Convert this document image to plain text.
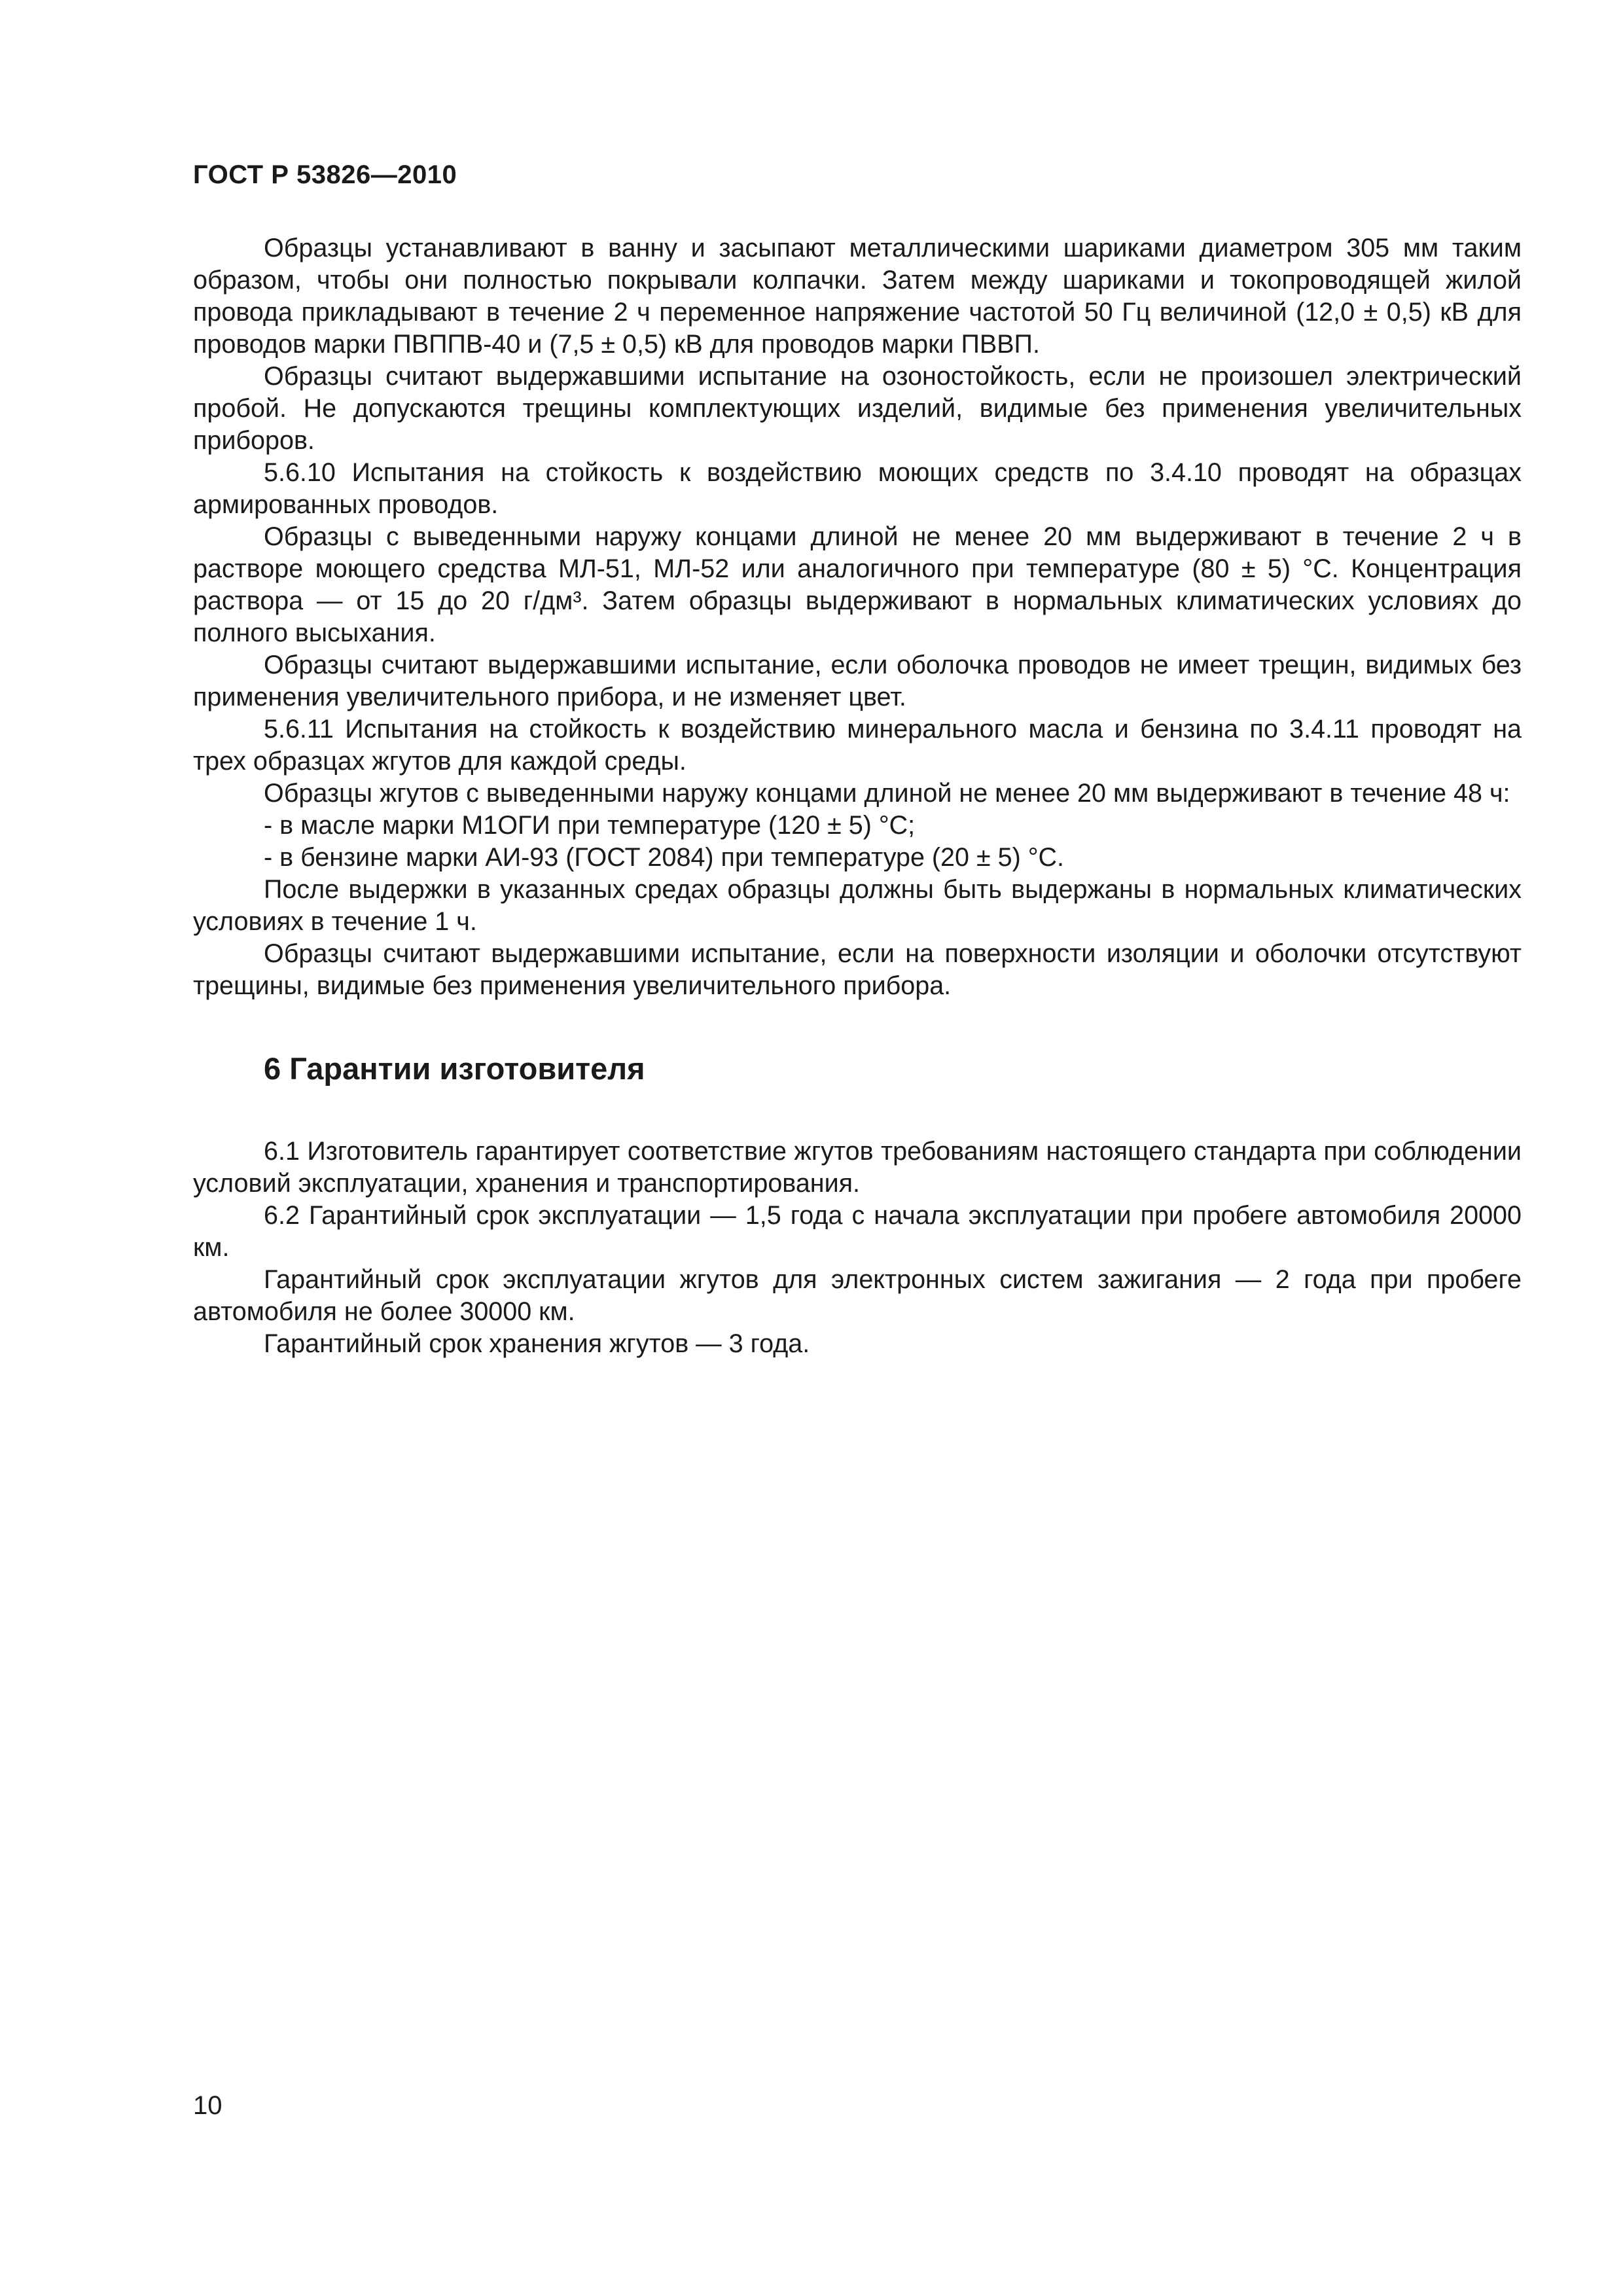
ГОСТ Р 53826—2010

Образцы устанавливают в ванну и засыпают металлическими шариками диаметром 305 мм таким образом, чтобы они полностью покрывали колпачки. Затем между шариками и токопроводящей жилой провода прикладывают в течение 2 ч переменное напряжение частотой 50 Гц величиной (12,0 ± 0,5) кВ для проводов марки ПВППВ-40 и (7,5 ± 0,5) кВ для проводов марки ПВВП.

Образцы считают выдержавшими испытание на озоностойкость, если не произошел электрический пробой. Не допускаются трещины комплектующих изделий, видимые без применения увеличительных приборов.

5.6.10 Испытания на стойкость к воздействию моющих средств по 3.4.10 проводят на образцах армированных проводов.

Образцы с выведенными наружу концами длиной не менее 20 мм выдерживают в течение 2 ч в растворе моющего средства МЛ-51, МЛ-52 или аналогичного при температуре (80 ± 5) °С. Концентрация раствора — от 15 до 20 г/дм³. Затем образцы выдерживают в нормальных климатических условиях до полного высыхания.

Образцы считают выдержавшими испытание, если оболочка проводов не имеет трещин, видимых без применения увеличительного прибора, и не изменяет цвет.

5.6.11 Испытания на стойкость к воздействию минерального масла и бензина по 3.4.11 проводят на трех образцах жгутов для каждой среды.

Образцы жгутов с выведенными наружу концами длиной не менее 20 мм выдерживают в течение 48 ч:

- в масле марки М1ОГИ при температуре (120 ± 5) °С;

- в бензине марки АИ-93 (ГОСТ 2084) при температуре (20 ± 5) °С.

После выдержки в указанных средах образцы должны быть выдержаны в нормальных климатических условиях в течение 1 ч.

Образцы считают выдержавшими испытание, если на поверхности изоляции и оболочки отсутствуют трещины, видимые без применения увеличительного прибора.

6 Гарантии изготовителя

6.1 Изготовитель гарантирует соответствие жгутов требованиям настоящего стандарта при соблюдении условий эксплуатации, хранения и транспортирования.

6.2 Гарантийный срок эксплуатации — 1,5 года с начала эксплуатации при пробеге автомобиля 20000 км.

Гарантийный срок эксплуатации жгутов для электронных систем зажигания — 2 года при пробеге автомобиля не более 30000 км.

Гарантийный срок хранения жгутов — 3 года.

10
